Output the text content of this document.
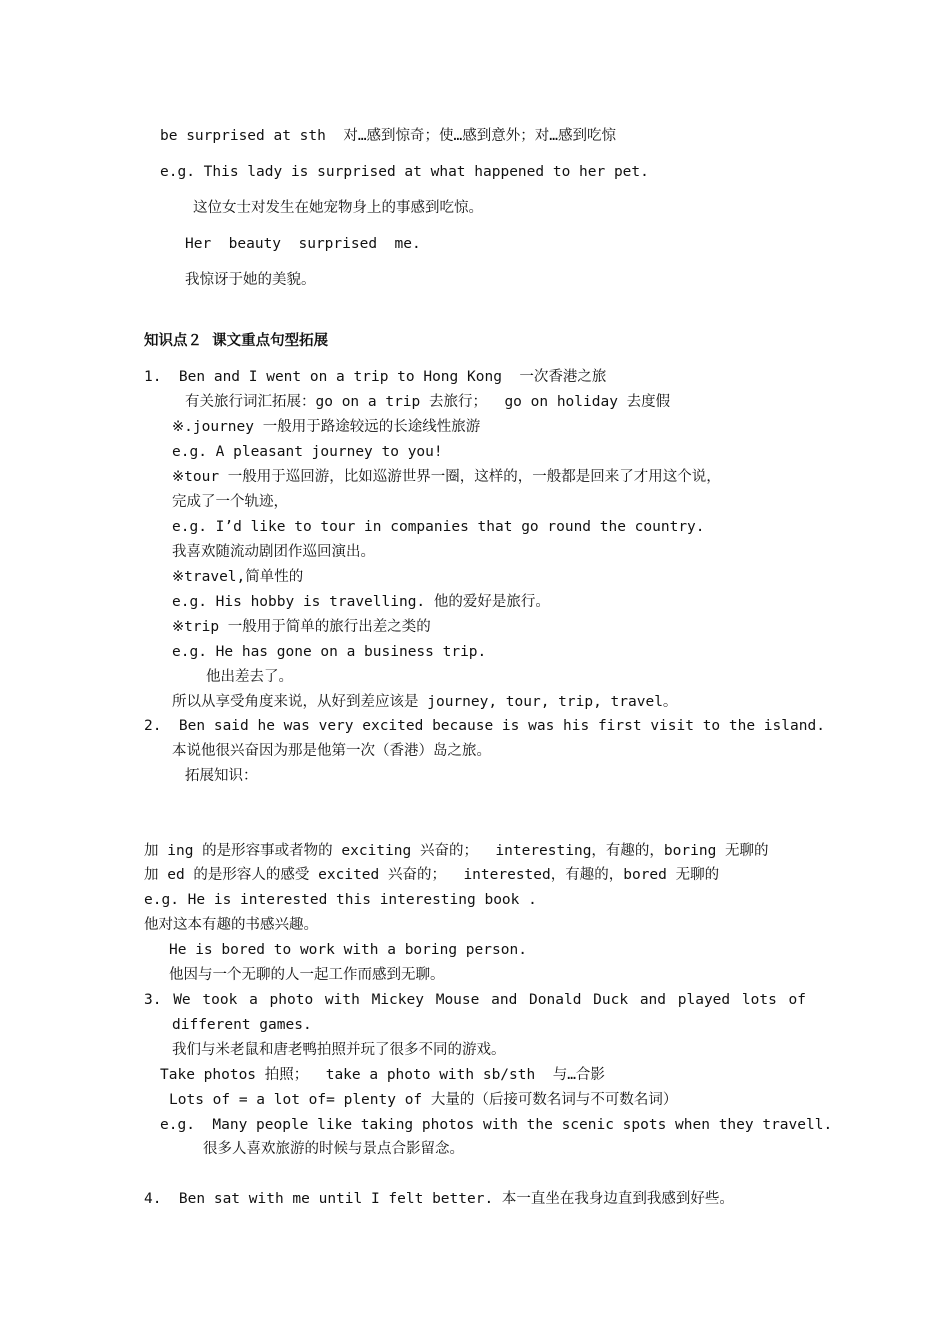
be surprised at sth  对…感到惊奇；使…感到意外；对…感到吃惊
e.g. This lady is surprised at what happened to her pet.
这位女士对发生在她宠物身上的事感到吃惊。
Her  beauty  surprised  me.
我惊讶于她的美貌。
知识点２  课文重点句型拓展
1.  Ben and I went on a trip to Hong Kong  一次香港之旅
有关旅行词汇拓展：go on a trip 去旅行；  go on holiday 去度假
※.journey 一般用于路途较远的长途线性旅游
e.g. A pleasant journey to you!
※tour 一般用于巡回游，比如巡游世界一圈，这样的，一般都是回来了才用这个说，
完成了一个轨迹，
e.g. I’d like to tour in companies that go round the country.
我喜欢随流动剧团作巡回演出。
※travel,简单性的
e.g. His hobby is travelling. 他的爱好是旅行。
※trip 一般用于简单的旅行出差之类的
e.g. He has gone on a business trip.
他出差去了。
所以从享受角度来说，从好到差应该是 journey, tour, trip, travel。
2.  Ben said he was very excited because is was his first visit to the island.
本说他很兴奋因为那是他第一次（香港）岛之旅。
拓展知识：
加 ing 的是形容事或者物的 exciting 兴奋的；  interesting，有趣的，boring 无聊的
加 ed 的是形容人的感受 excited 兴奋的；  interested，有趣的，bored 无聊的
e.g. He is interested this interesting book .
他对这本有趣的书感兴趣。
He is bored to work with a boring person.
他因与一个无聊的人一起工作而感到无聊。
3. We took a photo with Mickey Mouse and Donald Duck and played lots of
different games.
我们与米老鼠和唐老鸭拍照并玩了很多不同的游戏。
Take photos 拍照；  take a photo with sb/sth  与…合影
Lots of = a lot of= plenty of 大量的（后接可数名词与不可数名词）
e.g.  Many people like taking photos with the scenic spots when they travell.
很多人喜欢旅游的时候与景点合影留念。
4.  Ben sat with me until I felt better. 本一直坐在我身边直到我感到好些。
